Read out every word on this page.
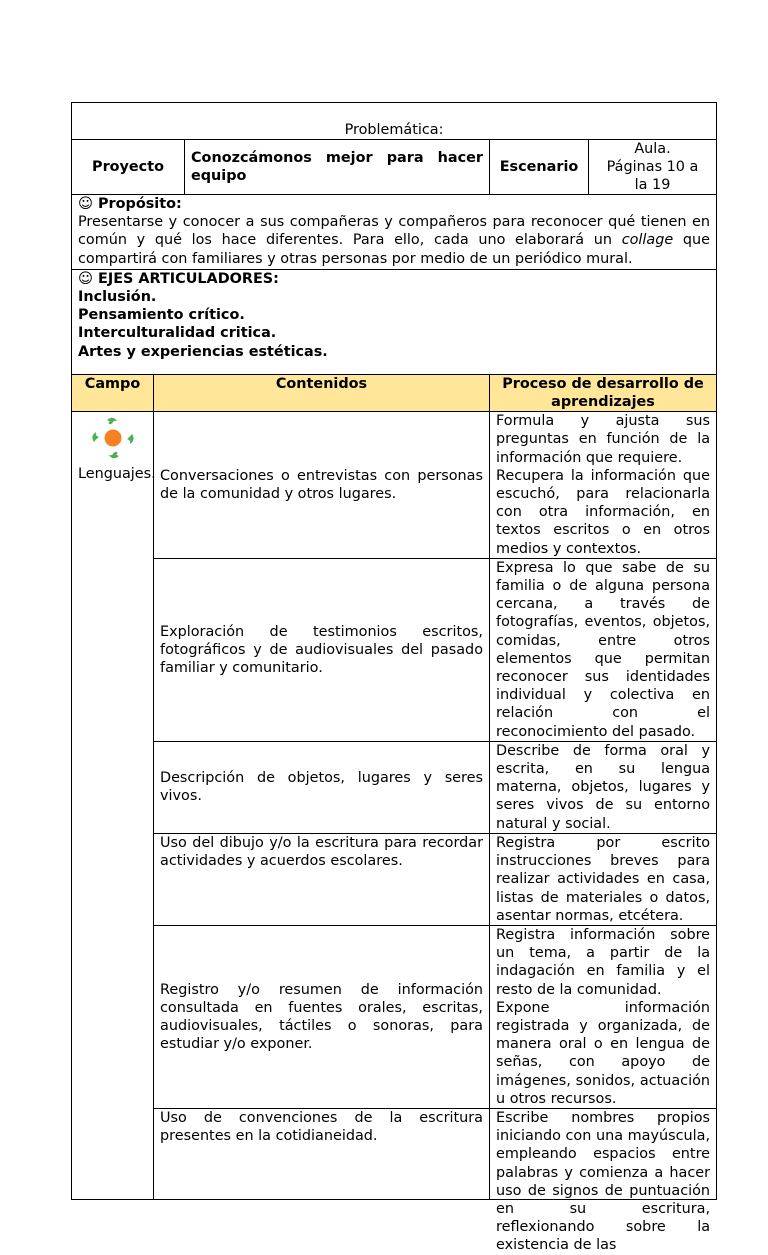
Problemática:				
Proyecto		Conozcámonos mejor para hacer equipo	Escenario	Aula.
Páginas 10 a la 19

☺ Propósito:
Presentarse y conocer a sus compañeras y compañeros para reconocer qué tienen en común y qué los hace diferentes. Para ello, cada uno elaborará un collage que compartirá con familiares y otras personas por medio de un periódico mural.				

☺ EJES ARTICULADORES:
Inclusión.
Pensamiento crítico.
Interculturalidad critica.
Artes y experiencias estéticas.				

Campo	Contenidos		Proceso de desarrollo de aprendizajes	

Lenguajes.	Conversaciones o entrevistas con personas de la comunidad y otros lugares.		Formula y ajusta sus preguntas en función de la información que requiere.
Recupera la información que escuchó, para relacionarla con otra información, en textos escritos o en otros medios y contextos.	

	Exploración de testimonios escritos, fotográficos y de audiovisuales del pasado familiar y comunitario.		Expresa lo que sabe de su familia o de alguna persona cercana, a través de fotografías, eventos, objetos, comidas, entre otros elementos que permitan reconocer sus identidades individual y colectiva en relación con el reconocimiento del pasado.	

	Descripción de objetos, lugares y seres vivos.		Describe de forma oral y escrita, en su lengua materna, objetos, lugares y seres vivos de su entorno natural y social.	

	Uso del dibujo y/o la escritura para recordar actividades y acuerdos escolares.		Registra por escrito instrucciones breves para realizar actividades en casa, listas de materiales o datos, asentar normas, etcétera.	

	Registro y/o resumen de información consultada en fuentes orales, escritas, audiovisuales, táctiles o sonoras, para estudiar y/o exponer.		Registra información sobre un tema, a partir de la indagación en familia y el resto de la comunidad.
Expone información registrada y organizada, de manera oral o en lengua de señas, con apoyo de imágenes, sonidos, actuación u otros recursos.	

	Uso de convenciones de la escritura presentes en la cotidianeidad.		Escribe nombres propios iniciando con una mayúscula, empleando espacios entre palabras y comienza a hacer uso de signos de puntuación en su escritura, reflexionando sobre la existencia de las	
